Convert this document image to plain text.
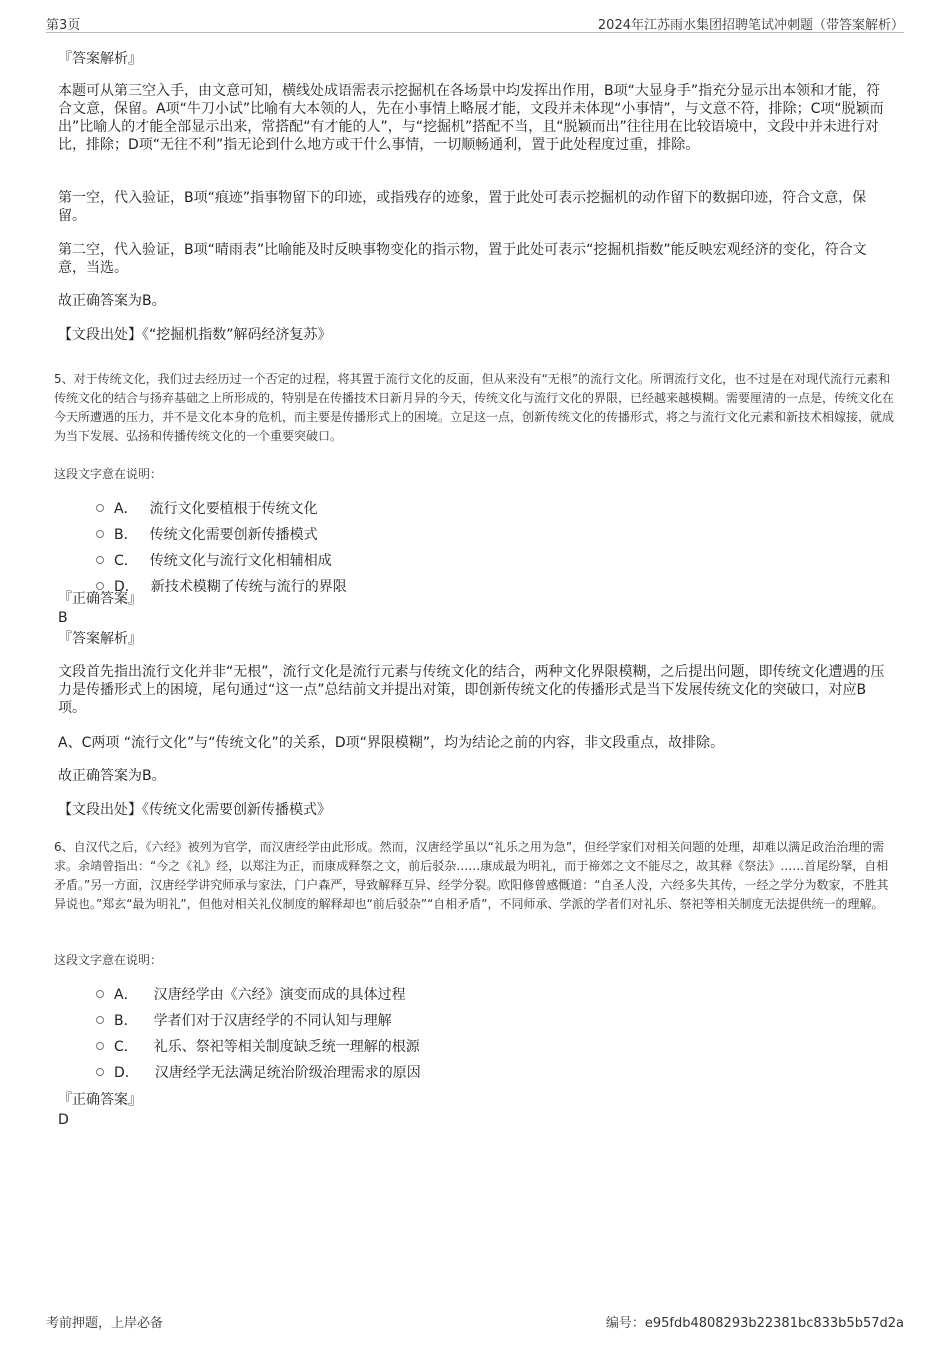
第3页	2024年江苏雨水集团招聘笔试冲刺题（带答案解析）
『答案解析』

本题可从第三空入手，由文意可知，横线处成语需表示挖掘机在各场景中均发挥出作用，B项“大显身手”指充分显示出本领和才能，符合文意，保留。A项“牛刀小试”比喻有大本领的人，先在小事情上略展才能，文段并未体现“小事情”，与文意不符，排除；C项“脱颖而出”比喻人的才能全部显示出来，常搭配“有才能的人”，与“挖掘机”搭配不当，且“脱颖而出”往往用在比较语境中，文段中并未进行对比，排除；D项“无往不利”指无论到什么地方或干什么事情，一切顺畅通利，置于此处程度过重，排除。

第一空，代入验证，B项“痕迹”指事物留下的印迹，或指残存的迹象，置于此处可表示挖掘机的动作留下的数据印迹，符合文意，保留。

第二空，代入验证，B项“晴雨表”比喻能及时反映事物变化的指示物，置于此处可表示“挖掘机指数”能反映宏观经济的变化，符合文意，当选。

故正确答案为B。
【文段出处】《“挖掘机指数”解码经济复苏》

5、对于传统文化，我们过去经历过一个否定的过程，将其置于流行文化的反面，但从来没有“无根”的流行文化。所谓流行文化，也不过是在对现代流行元素和传统文化的结合与扬弃基础之上所形成的，特别是在传播技术日新月异的今天，传统文化与流行文化的界限，已经越来越模糊。需要厘清的一点是，传统文化在今天所遭遇的压力，并不是文化本身的危机，而主要是传播形式上的困境。立足这一点，创新传统文化的传播形式，将之与流行文化元素和新技术相嫁接，就成为当下发展、弘扬和传播传统文化的一个重要突破口。

这段文字意在说明：
A． 流行文化要植根于传统文化
B． 传统文化需要创新传播模式
C． 传统文化与流行文化相辅相成
D． 新技术模糊了传统与流行的界限
『正确答案』
B
『答案解析』

文段首先指出流行文化并非“无根”，流行文化是流行元素与传统文化的结合，两种文化界限模糊，之后提出问题，即传统文化遭遇的压力是传播形式上的困境，尾句通过“这一点”总结前文并提出对策，即创新传统文化的传播形式是当下发展传统文化的突破口，对应B项。

A、C两项 “流行文化”与“传统文化”的关系，D项“界限模糊”，均为结论之前的内容，非文段重点，故排除。
故正确答案为B。
【文段出处】《传统文化需要创新传播模式》

6、自汉代之后，《六经》被列为官学，而汉唐经学由此形成。然而，汉唐经学虽以“礼乐之用为急”，但经学家们对相关问题的处理，却难以满足政治治理的需求。余靖曾指出：“今之《礼》经，以郑注为正，而康成释祭之文，前后驳杂……康成最为明礼，而于禘郊之文不能尽之，故其释《祭法》……首尾纷拏，自相矛盾。”另一方面，汉唐经学讲究师承与家法，门户森严，导致解释互异、经学分裂。欧阳修曾感慨道：“自圣人没，六经多失其传，一经之学分为数家，不胜其异说也。”郑玄“最为明礼”，但他对相关礼仪制度的解释却也“前后驳杂”“自相矛盾”，不同师承、学派的学者们对礼乐、祭祀等相关制度无法提供统一的理解。

这段文字意在说明：
A． 汉唐经学由《六经》演变而成的具体过程
B． 学者们对于汉唐经学的不同认知与理解
C． 礼乐、祭祀等相关制度缺乏统一理解的根源
D． 汉唐经学无法满足统治阶级治理需求的原因
『正确答案』
D
考前押题，上岸必备	编号：e95fdb4808293b22381bc833b5b57d2a
